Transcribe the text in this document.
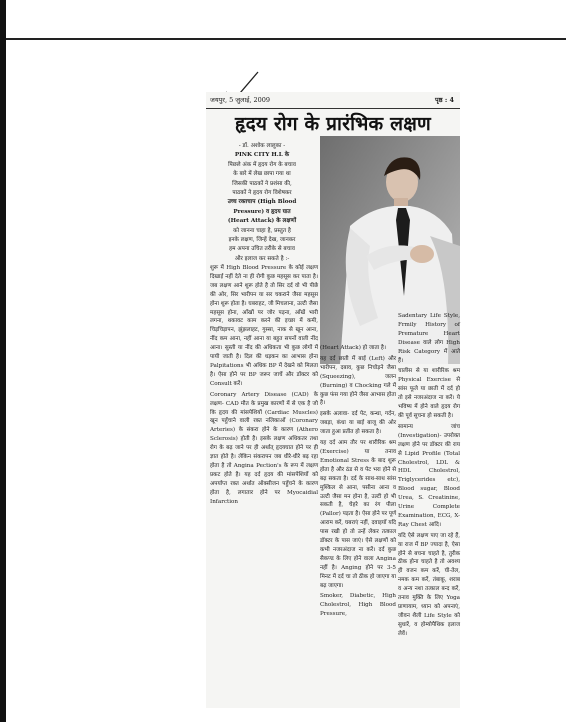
जयपुर, 5 जुलाई, 2009	पृष्ठ : 4
हृदय रोग के प्रारंभिक लक्षण
- डॉ. अशोक लालुका -
PINK CITY H.L के
पिछले अंक में हृदय रोग के बचाव
के बारे में लेख छापा गया था
जिसकी पाठकों ने प्रशंसा की,
पाठकों ने हृदय रोग विशेषकर
उच्च रक्तचाप (High Blood
Pressure) व हृदय घात
(Heart Attack) के लक्षणों
को जानना चाहा है, प्रस्तुत है
इनके लक्षण, जिन्हें देख, जानकर
हम अपना उचित तरीके से बचाव
और इलाज कर सकते है :-

शुरू में High Blood Pressure के कोई लक्षण दिखाई नहीं देते ना ही रोगी कुछ महसूस कर पाता है। जब लक्षण आने शुरू होते है तो सिर दर्द वो भी पीछे की ओर, सिर भारीपन या सर चकराने जैसा महसूस होना शुरू होता है। घबराहट, जी मिचलाना, उल्टी जैसा महसूस होना, आँखों पर जोर पड़ना, आँखें भारी लगना, थकावट काम करने की इच्छा में कमी, चिड़चिड़ापन, झुंझलाहट, गुस्सा, नाक से खून आना, नींद कम आना, नहीं आना या बहुत सपनों वाली नींद आना। सुस्ती या नींद की अधिकता भी कुछ लोगों में पायी जाती है। दिल की धड़कन का आभास होना Palpitations भी अधिक BP में देखने को मिलता है। ऐसा होने पर BP जरूर जाचें और डॉक्टर को Consult करें।

Coronary Artery Disease (CAD) के लक्षण- CAD मौत के प्रमुख कारणों में से एक है जो कि हृदय की मांसपेशियों (Cardiac Muscles) खून पहुँचाने वाली रक्त नलिकाओं (Coronary Arteries) के संकरा होने के कारण (Athero Sclerosis) होती है। इसके लक्षण अधिकतर तथा रोग के बढ़ जाने पर ही अर्थात् हृदयघात होने पर ही ज्ञात होते है। लेकिन संकरापन जब धीरे-धीरे बढ़ रहा होता है तो Angina Pection's के रूप में लक्षण प्रकट होते है। यह दर्द हृदय की मांसपेशियों को अपर्याप्त रक्त अर्थात ऑक्सीजन पहुँचने के कारण होता है, लगातार होने पर Myocaidial Infarction

(Heart Attack) हो जाता है।

यह दर्द छाती में बाई (Left) और भारीपन, दबाव, कुछ निचोड़ने जैसा (Squeezing), जलन (Burning) व Chocking गले में कुछ फंस गया होने जैसा आभास होता है।

इसके अलावा- दर्द पेट, कन्धा, गर्दन, जबड़ा, कंधा या बाई बाजू की ओर जाता हुआ प्रतीत हो सकता है।

यह दर्द आम तौर पर शारीरिक श्रम (Exercise) या तनाव Emotional Stress के बाद शुरू होता है और ठंड से व पेट भरा होने से बढ़ सकता है। दर्द के साथ-साथ सांस मुश्किल से आना, पसीना आना व उल्टी जैसा मन होना है, उल्टी हो भी सकती है, चेहरे का रंग पीला (Pallor) पड़ता है। ऐसा होने पर पूर्ण आराम करें, घबराएं नहीं, दवाइयाँ यदि पास रखी हो तो उन्हें लेकर तत्काल डॉक्टर के पास जाएं। ऐसे लक्षणों को कभी नजरअंदाज ना करें। दर्द कुछ सैकण्ड के लिए होने वाला Angina नहीं है। Anging होने पर 3-5 मिनट में दर्द चा तो ठीक हो जाएगा या बढ़ जाएगा।

Smoker, Diabetic, High Cholestrol, High Blood Pressure,

Sadentary Life Style, Frmily History of Premature Heart Disease वाले लोग High Risk Category में आते हैं।

चालीस से या शारीरिक श्रम Physical Exercise से सांस फूले या छाती में दर्द हो तो इसे नजरअंदाज ना करें। ये भविष्य में होने वाले हृदय रोग की पूर्व सूचना हो सकती है।

सामान्य जांच (Investigation)- उपरोक्त लक्षण होने पर डॉक्टर की राय से Lipid Profile (Total Cholestrol, LDL & HDL Cholestrol, Triglycerides etc), Blood sugar, Blood Urea, S. Creatinine, Urine Complete Examination, ECG, X-Ray Chest आदि।

यदि ऐसे लक्षण पाए जा रहे हैं, या राज में BP ज्यादा है, ऐसा होने से बचना चाहते है, तुरीक ठीक होना चाहते है तो अवश्य ही वजन कम करें, घी-तेल, नमक कम करें, तंबाकू, शराब व अन्य नशा तत्काल बन्द करें, तनाव मुक्ति के लिए Yoga प्राणायाम, ध्यान को अपनाएं, जीवन शैली Life Style को सुधारें, व होम्योपैथिक इलाज लेवें।
